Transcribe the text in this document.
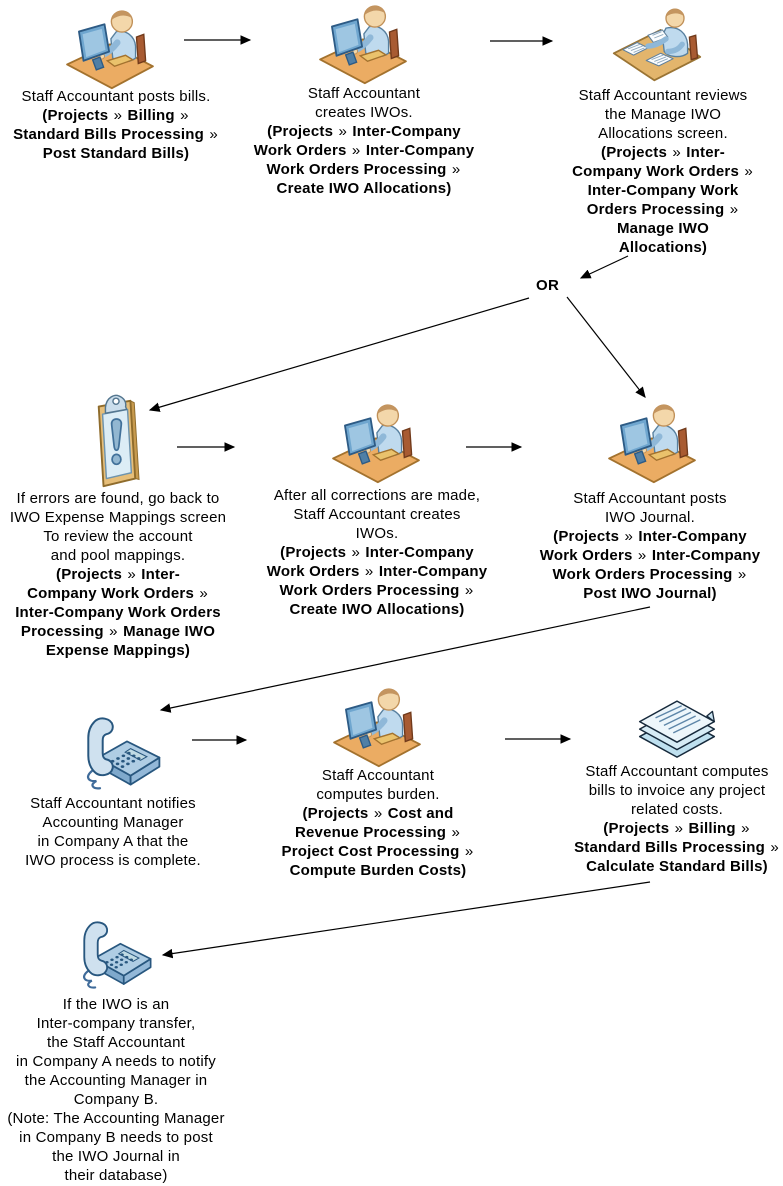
OR
Staff Accountant posts bills.
(Projects » Billing »
Standard Bills Processing »
Post Standard Bills)
Staff Accountant
creates IWOs.
(Projects » Inter-Company
Work Orders » Inter-Company
Work Orders Processing »
Create IWO Allocations)
Staff Accountant reviews
the Manage IWO
Allocations screen.
(Projects » Inter-
Company Work Orders »
Inter-Company Work
Orders Processing »
Manage IWO
Allocations)
If errors are found, go back to
IWO Expense Mappings screen
To review the account
and pool mappings.
(Projects » Inter-
Company Work Orders »
Inter-Company Work Orders
Processing » Manage IWO
Expense Mappings)
After all corrections are made,
Staff Accountant creates
IWOs.
(Projects » Inter-Company
Work Orders » Inter-Company
Work Orders Processing »
Create IWO Allocations)
Staff Accountant posts
IWO Journal.
(Projects » Inter-Company
Work Orders » Inter-Company
Work Orders Processing »
Post IWO Journal)
Staff Accountant notifies
Accounting Manager
in Company A that the
IWO process is complete.
Staff Accountant
computes burden.
(Projects » Cost and
Revenue Processing »
Project Cost Processing »
Compute Burden Costs)
Staff Accountant computes
bills to invoice any project
related costs.
(Projects » Billing »
Standard Bills Processing »
Calculate Standard Bills)
If the IWO is an
Inter-company transfer,
the Staff Accountant
in Company A needs to notify
the Accounting Manager in
Company B.
(Note: The Accounting Manager
in Company B needs to post
the IWO Journal in
their database)
